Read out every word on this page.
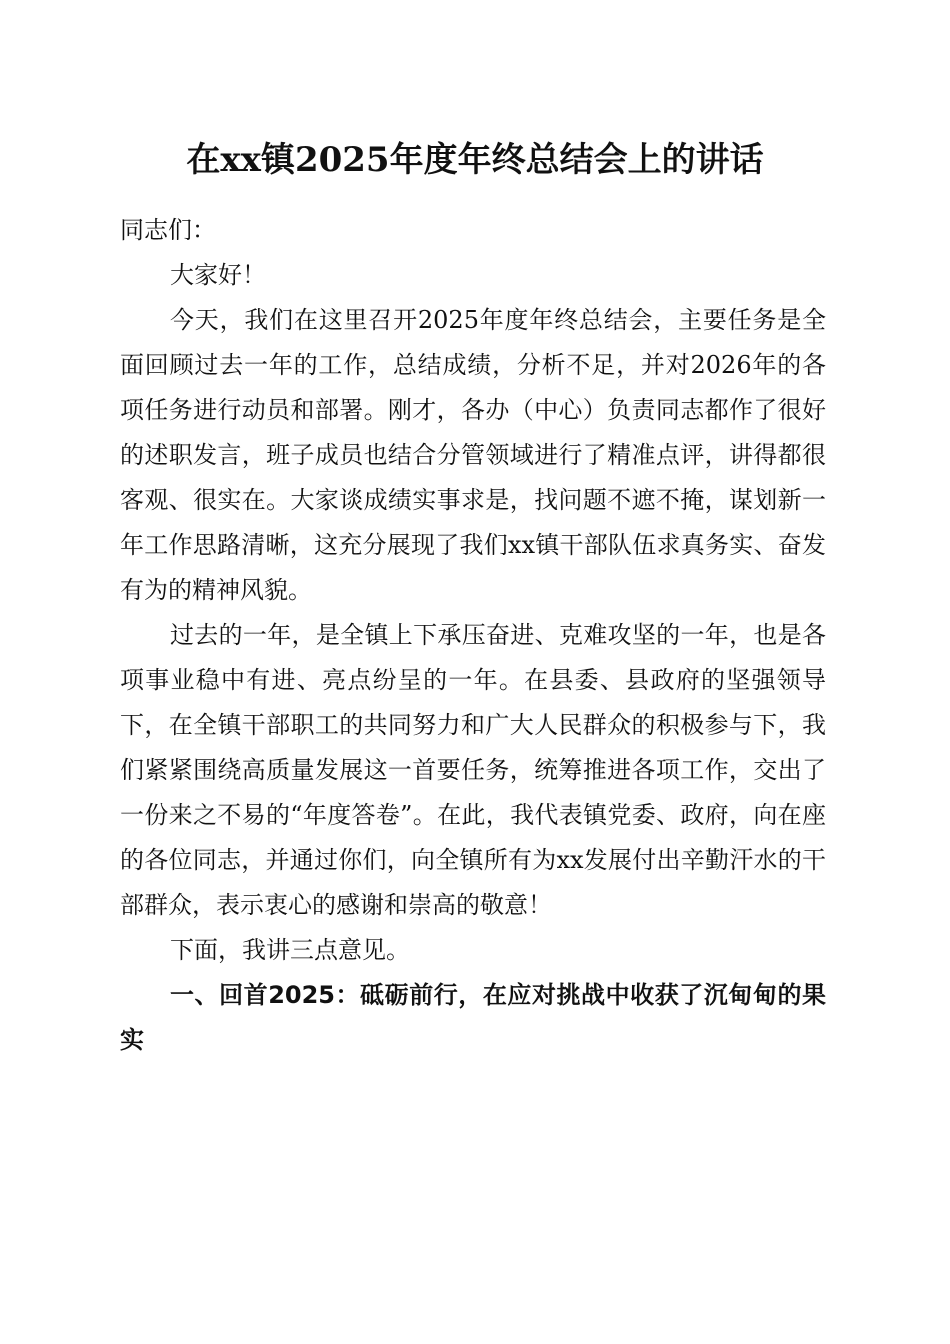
在xx镇2025年度年终总结会上的讲话

同志们：

大家好！

今天，我们在这里召开2025年度年终总结会，主要任务是全面回顾过去一年的工作，总结成绩，分析不足，并对2026年的各项任务进行动员和部署。刚才，各办（中心）负责同志都作了很好的述职发言，班子成员也结合分管领域进行了精准点评，讲得都很客观、很实在。大家谈成绩实事求是，找问题不遮不掩，谋划新一年工作思路清晰，这充分展现了我们xx镇干部队伍求真务实、奋发有为的精神风貌。

过去的一年，是全镇上下承压奋进、克难攻坚的一年，也是各项事业稳中有进、亮点纷呈的一年。在县委、县政府的坚强领导下，在全镇干部职工的共同努力和广大人民群众的积极参与下，我们紧紧围绕高质量发展这一首要任务，统筹推进各项工作，交出了一份来之不易的“年度答卷”。在此，我代表镇党委、政府，向在座的各位同志，并通过你们，向全镇所有为xx发展付出辛勤汗水的干部群众，表示衷心的感谢和崇高的敬意！

下面，我讲三点意见。

一、回首2025：砥砺前行，在应对挑战中收获了沉甸甸的果实
